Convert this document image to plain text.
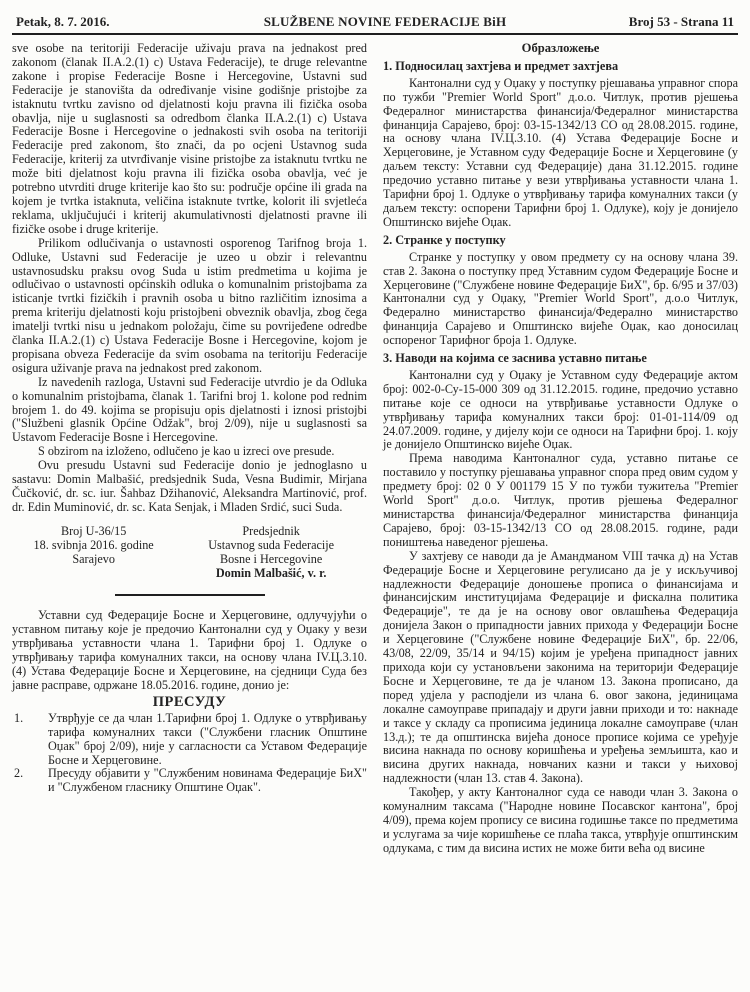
Petak, 8. 7. 2016.	SLUŽBENE NOVINE FEDERACIJE BiH	Broj 53 - Strana 11

sve osobe na teritoriji Federacije uživaju prava na jednakost pred zakonom (članak II.A.2.(1) c) Ustava Federacije), te druge relevantne zakone i propise Federacije Bosne i Hercegovine, Ustavni sud Federacije je stanovišta da određivanje visine godišnje pristojbe za istaknutu tvrtku zavisno od djelatnosti koju pravna ili fizička osoba obavlja, nije u suglasnosti sa odredbom članka II.A.2.(1) c) Ustava Federacije Bosne i Hercegovine o jednakosti svih osoba na teritoriji Federacije pred zakonom, što znači, da po ocjeni Ustavnog suda Federacije, kriterij za utvrđivanje visine pristojbe za istaknutu tvrtku ne može biti djelatnost koju pravna ili fizička osoba obavlja, već je potrebno utvrditi druge kriterije kao što su: područje općine ili grada na kojem je tvrtka istaknuta, veličina istaknute tvrtke, kolorit ili svjetleća reklama, uključujući i kriterij akumulativnosti djelatnosti pravne ili fizičke osobe i druge kriterije.

Prilikom odlučivanja o ustavnosti osporenog Tarifnog broja 1. Odluke, Ustavni sud Federacije je uzeo u obzir i relevantnu ustavnosudsku praksu ovog Suda u istim predmetima u kojima je odlučivao o ustavnosti općinskih odluka o komunalnim pristojbama za isticanje tvrtki fizičkih i pravnih osoba u bitno različitim iznosima a prema kriteriju djelatnosti koju pristojbeni obveznik obavlja, zbog čega imatelji tvrtki nisu u jednakom položaju, čime su povrijeđene odredbe članka II.A.2.(1) c) Ustava Federacije Bosne i Hercegovine, kojom je propisana obveza Federacije da svim osobama na teritoriju Federacije osigura uživanje prava na jednakost pred zakonom.

Iz navedenih razloga, Ustavni sud Federacije utvrdio je da Odluka o komunalnim pristojbama, članak 1. Tarifni broj 1. kolone pod rednim brojem 1. do 49. kojima se propisuju opis djelatnosti i iznosi pristojbi ("Službeni glasnik Općine Odžak", broj 2/09), nije u suglasnosti sa Ustavom Federacije Bosne i Hercegovine.

S obzirom na izloženo, odlučeno je kao u izreci ove presude.

Ovu presudu Ustavni sud Federacije donio je jednoglasno u sastavu: Domin Malbašić, predsjednik Suda, Vesna Budimir, Mirjana Čučković, dr. sc. iur. Šahbaz Džihanović, Aleksandra Martinović, prof. dr. Edin Muminović, dr. sc. Kata Senjak, i Mladen Srdić, suci Suda.

Broj U-36/15
18. svibnja 2016. godine
Sarajevo
Predsjednik
Ustavnog suda Federacije
Bosne i Hercegovine
Domin Malbašić, v. r.

Уставни суд Федерације Босне и Херцеговине, одлучујући о уставном питању које је предочио Кантонални суд у Оџаку у вези утврђивања уставности члана 1. Тарифни број 1. Одлуке о утврђивању тарифа комуналних такси, на основу члана IV.Ц.3.10.(4) Устава Федерације Босне и Херцеговине, на сједници Суда без јавне расправе, одржане 18.05.2016. године, донио је:

ПРЕСУДУ
1.	Утврђује се да члан 1.Тарифни број 1. Одлуке о утврђивању тарифа комуналних такси ("Службени гласник Општине Оџак" број 2/09), није у сагласности са Уставом Федерације Босне и Херцеговине.
2.	Пресуду објавити у "Службеним новинама Федерације БиХ" и "Службеном гласнику Општине Оџак".
Образложење
1. Подносилац захтјева и предмет захтјева

Кантонални суд у Оџаку у поступку рјешавања управног спора по тужби "Premier World Sport" д.о.о. Читлук, против рјешења Федералног министарства финансија/Федералног министарства финанција Сарајево, број: 03-15-1342/13 СО од 28.08.2015. године, на основу члана IV.Ц.3.10. (4) Устава Федерације Босне и Херцеговине, је Уставном суду Федерације Босне и Херцеговине (у даљем тексту: Уставни суд Федерације) дана 31.12.2015. године предочио уставно питање у вези утврђивања уставности члана 1. Тарифни број 1. Одлуке о утврђивању тарифа комуналних такси (у даљем тексту: оспорени Тарифни број 1. Одлуке), коју је донијело Општинско вијеће Оџак.

2. Странке у поступку

Странке у поступку у овом предмету су на основу члана 39. став 2. Закона о поступку пред Уставним судом Федерације Босне и Херцеговине ("Службене новине Федерације БиХ", бр. 6/95 и 37/03) Кантонални суд у Оџаку, "Premier World Sport", д.о.о Читлук, Федерално министарство финансија/Федерално министарство финанција Сарајево и Општинско вијеће Оџак, као доносилац оспореног Тарифног броја 1. Одлуке.

3. Наводи на којима се заснива уставно питање

Кантонални суд у Оџаку је Уставном суду Федерације актом број: 002-0-Су-15-000 309 од 31.12.2015. године, предочио уставно питање које се односи на утврђивање уставности Одлуке о утврђивању тарифа комуналних такси број: 01-01-114/09 од 24.07.2009. године, у дијелу који се односи на Тарифни број. 1. коју је донијело Општинско вијеће Оџак.

Према наводима Кантоналног суда, уставно питање се поставило у поступку рјешавања управног спора пред овим судом у предмету број: 02 0 У 001179 15 У по тужби тужитеља "Premier World Sport" д.о.о. Читлук, против рјешења Федералног министарства финансија/Федералног министарства финанција Сарајево, број: 03-15-1342/13 СО од 28.08.2015. године, ради поништења наведеног рјешења.

У захтјеву се наводи да је Амандманом VIII тачка д) на Устав Федерације Босне и Херцеговине регулисано да је у искључивој надлежности Федерације доношење прописа о финансијама и финансијским институцијама Федерације и фискална политика Федерације", те да је на основу овог овлашћења Федерација донијела Закон о припадности јавних прихода у Федерацији Босне и Херцеговине ("Службене новине Федерације БиХ", бр. 22/06, 43/08, 22/09, 35/14 и 94/15) којим је уређена припадност јавних прихода који су установљени законима на територији Федерације Босне и Херцеговине, те да је чланом 13. Закона прописано, да поред удјела у расподјели из члана 6. овог закона, јединицама локалне самоуправе припадају и други јавни приходи и то: накнаде и таксе у складу са прописима јединица локалне самоуправе (члан 13.д.); те да општинска вијећа доносе прописе којима се уређује висина накнада по основу коришћења и уређења земљишта, као и висина других накнада, новчаних казни и такси у њиховој надлежности (члан 13. став 4. Закона).

Такођер, у акту Кантоналног суда се наводи члан 3. Закона о комуналним таксама ("Народне новине Посавског кантона", број 4/09), према којем пропису се висина годишње таксе по предметима и услугама за чије коришћење се плаћа такса, утврђује општинским одлукама, с тим да висина истих не може бити већа од висине
